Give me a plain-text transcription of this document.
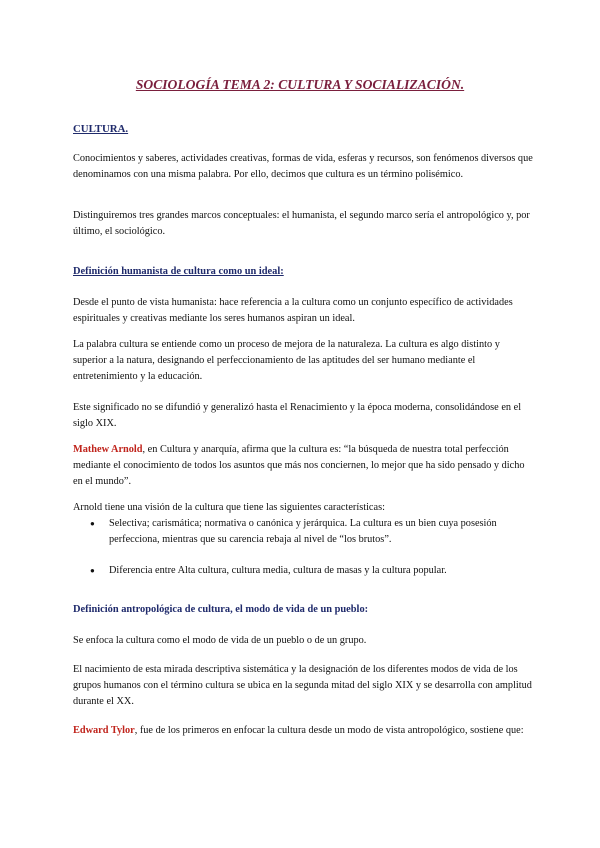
SOCIOLOGÍA TEMA 2: CULTURA Y SOCIALIZACIÓN.
CULTURA.

Conocimientos y saberes, actividades creativas, formas de vida, esferas y recursos, son fenómenos diversos que denominamos con una misma palabra. Por ello, decimos que cultura es un término polisémico.

Distinguiremos tres grandes marcos conceptuales: el humanista, el segundo marco sería el antropológico y, por último, el sociológico.

Definición humanista de cultura como un ideal:

Desde el punto de vista humanista: hace referencia a la cultura como un conjunto específico de actividades espirituales y creativas mediante los seres humanos aspiran un ideal.

La palabra cultura se entiende como un proceso de mejora de la naturaleza. La cultura es algo distinto y superior a la natura, designando el perfeccionamiento de las aptitudes del ser humano mediante el entretenimiento y la educación.

Este significado no se difundió y generalizó hasta el Renacimiento y la época moderna, consolidándose en el siglo XIX.

Mathew Arnold, en Cultura y anarquía, afirma que la cultura es: “la búsqueda de nuestra total perfección mediante el conocimiento de todos los asuntos que más nos conciernen, lo mejor que ha sido pensado y dicho en el mundo”.

Arnold tiene una visión de la cultura que tiene las siguientes características:

● Selectiva; carismática; normativa o canónica y jerárquica. La cultura es un bien cuya posesión perfecciona, mientras que su carencia rebaja al nivel de “los brutos”.
● Diferencia entre Alta cultura, cultura media, cultura de masas y la cultura popular.
Definición antropológica de cultura, el modo de vida de un pueblo:

Se enfoca la cultura como el modo de vida de un pueblo o de un grupo.

El nacimiento de esta mirada descriptiva sistemática y la designación de los diferentes modos de vida de los grupos humanos con el término cultura se ubica en la segunda mitad del siglo XIX y se desarrolla con amplitud durante el XX.

Edward Tylor, fue de los primeros en enfocar la cultura desde un modo de vista antropológico, sostiene que:
